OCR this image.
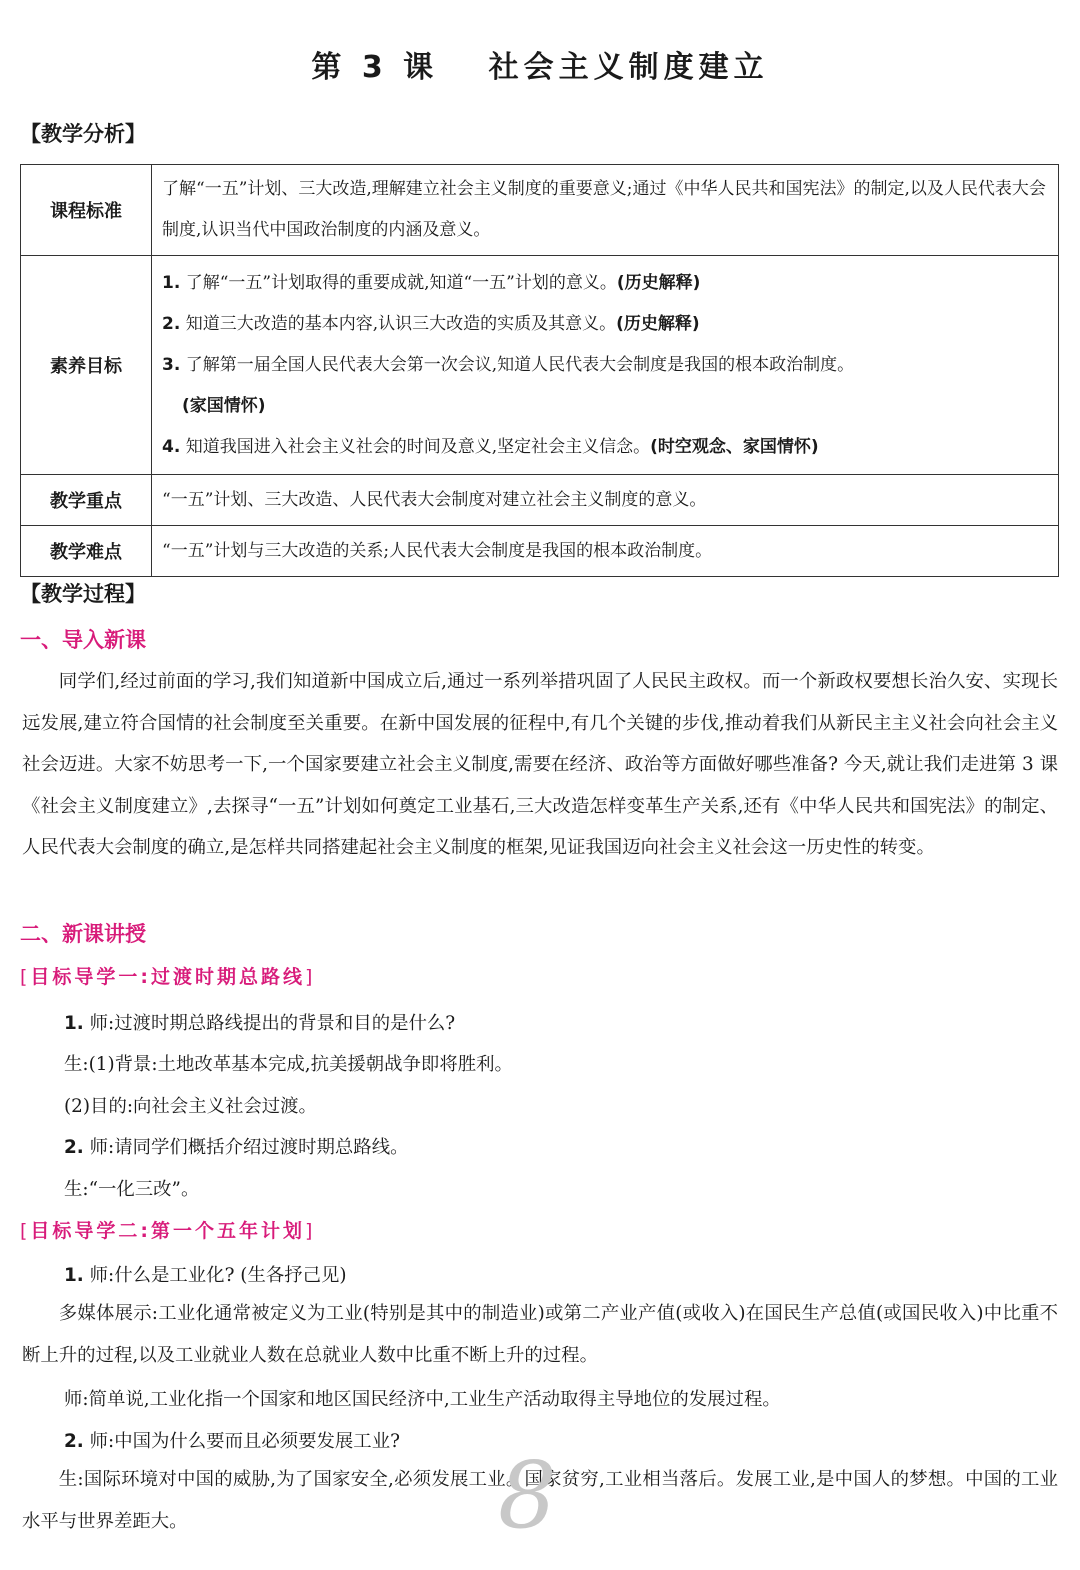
第 3 课　 社会主义制度建立
【教学分析】
课程标准	了解“一五”计划、三大改造,理解建立社会主义制度的重要意义;通过《中华人民共和国宪法》的制定,以及人民代表大会制度,认识当代中国政治制度的内涵及意义。
素养目标	1. 了解“一五”计划取得的重要成就,知道“一五”计划的意义。(历史解释)
2. 知道三大改造的基本内容,认识三大改造的实质及其意义。(历史解释)
3. 了解第一届全国人民代表大会第一次会议,知道人民代表大会制度是我国的根本政治制度。
(家国情怀)
4. 知道我国进入社会主义社会的时间及意义,坚定社会主义信念。(时空观念、家国情怀)

教学重点	“一五”计划、三大改造、人民代表大会制度对建立社会主义制度的意义。
教学难点	“一五”计划与三大改造的关系;人民代表大会制度是我国的根本政治制度。
【教学过程】
一、导入新课

同学们,经过前面的学习,我们知道新中国成立后,通过一系列举措巩固了人民民主政权。而一个新政权要想长治久安、实现长远发展,建立符合国情的社会制度至关重要。在新中国发展的征程中,有几个关键的步伐,推动着我们从新民主主义社会向社会主义社会迈进。大家不妨思考一下,一个国家要建立社会主义制度,需要在经济、政治等方面做好哪些准备? 今天,就让我们走进第 3 课《社会主义制度建立》,去探寻“一五”计划如何奠定工业基石,三大改造怎样变革生产关系,还有《中华人民共和国宪法》的制定、人民代表大会制度的确立,是怎样共同搭建起社会主义制度的框架,见证我国迈向社会主义社会这一历史性的转变。

二、新课讲授
[目标导学一:过渡时期总路线]
1. 师:过渡时期总路线提出的背景和目的是什么?
生:(1)背景:土地改革基本完成,抗美援朝战争即将胜利。
(2)目的:向社会主义社会过渡。
2. 师:请同学们概括介绍过渡时期总路线。
生:“一化三改”。
[目标导学二:第一个五年计划]
1. 师:什么是工业化? (生各抒己见)

多媒体展示:工业化通常被定义为工业(特别是其中的制造业)或第二产业产值(或收入)在国民生产总值(或国民收入)中比重不断上升的过程,以及工业就业人数在总就业人数中比重不断上升的过程。

师:简单说,工业化指一个国家和地区国民经济中,工业生产活动取得主导地位的发展过程。
2. 师:中国为什么要而且必须要发展工业?

生:国际环境对中国的威胁,为了国家安全,必须发展工业。国家贫穷,工业相当落后。发展工业,是中国人的梦想。中国的工业水平与世界差距大。	8
